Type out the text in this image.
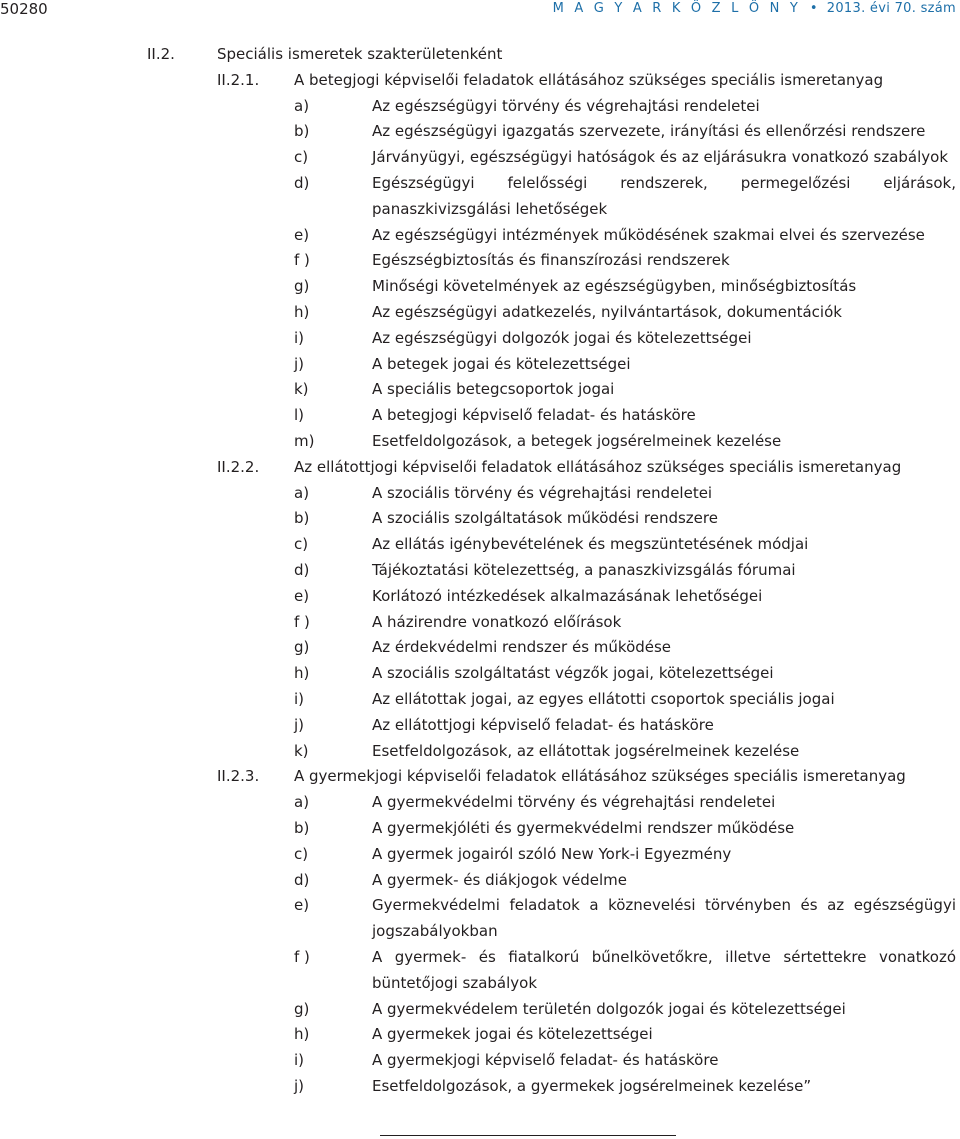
50280	M A G Y A R K Ö Z L Ö N Y  •  2013. évi 70. szám
II.2.	Speciális ismeretek szakterületenként
II.2.1. A betegjogi képviselői feladatok ellátásához szükséges speciális ismeretanyag
a)	Az egészségügyi törvény és végrehajtási rendeletei
b)	Az egészségügyi igazgatás szervezete, irányítási és ellenőrzési rendszere
c)	Járványügyi, egészségügyi hatóságok és az eljárásukra vonatkozó szabályok
d)	Egészségügyi felelősségi rendszerek, permegelőzési eljárások,
panaszkivizsgálási lehetőségek
e)	Az egészségügyi intézmények működésének szakmai elvei és szervezése
f )	Egészségbiztosítás és finanszírozási rendszerek
g)	Minőségi követelmények az egészségügyben, minőségbiztosítás
h)	Az egészségügyi adatkezelés, nyilvántartások, dokumentációk
i)	Az egészségügyi dolgozók jogai és kötelezettségei
j)	A betegek jogai és kötelezettségei
k)	A speciális betegcsoportok jogai
l)	A betegjogi képviselő feladat- és hatásköre
m)	Esetfeldolgozások, a betegek jogsérelmeinek kezelése
II.2.2. Az ellátottjogi képviselői feladatok ellátásához szükséges speciális ismeretanyag
a)	A szociális törvény és végrehajtási rendeletei
b)	A szociális szolgáltatások működési rendszere
c)	Az ellátás igénybevételének és megszüntetésének módjai
d)	Tájékoztatási kötelezettség, a panaszkivizsgálás fórumai
e)	Korlátozó intézkedések alkalmazásának lehetőségei
f )	A házirendre vonatkozó előírások
g)	Az érdekvédelmi rendszer és működése
h)	A szociális szolgáltatást végzők jogai, kötelezettségei
i)	Az ellátottak jogai, az egyes ellátotti csoportok speciális jogai
j)	Az ellátottjogi képviselő feladat- és hatásköre
k)	Esetfeldolgozások, az ellátottak jogsérelmeinek kezelése
II.2.3. A gyermekjogi képviselői feladatok ellátásához szükséges speciális ismeretanyag
a)	A gyermekvédelmi törvény és végrehajtási rendeletei
b)	A gyermekjóléti és gyermekvédelmi rendszer működése
c)	A gyermek jogairól szóló New York-i Egyezmény
d)	A gyermek- és diákjogok védelme
e)	Gyermekvédelmi feladatok a köznevelési törvényben és az egészségügyi
jogszabályokban
f )	A gyermek- és fiatalkorú bűnelkövetőkre, illetve sértettekre vonatkozó
büntetőjogi szabályok
g)	A gyermekvédelem területén dolgozók jogai és kötelezettségei
h)	A gyermekek jogai és kötelezettségei
i)	A gyermekjogi képviselő feladat- és hatásköre
j)	Esetfeldolgozások, a gyermekek jogsérelmeinek kezelése”
